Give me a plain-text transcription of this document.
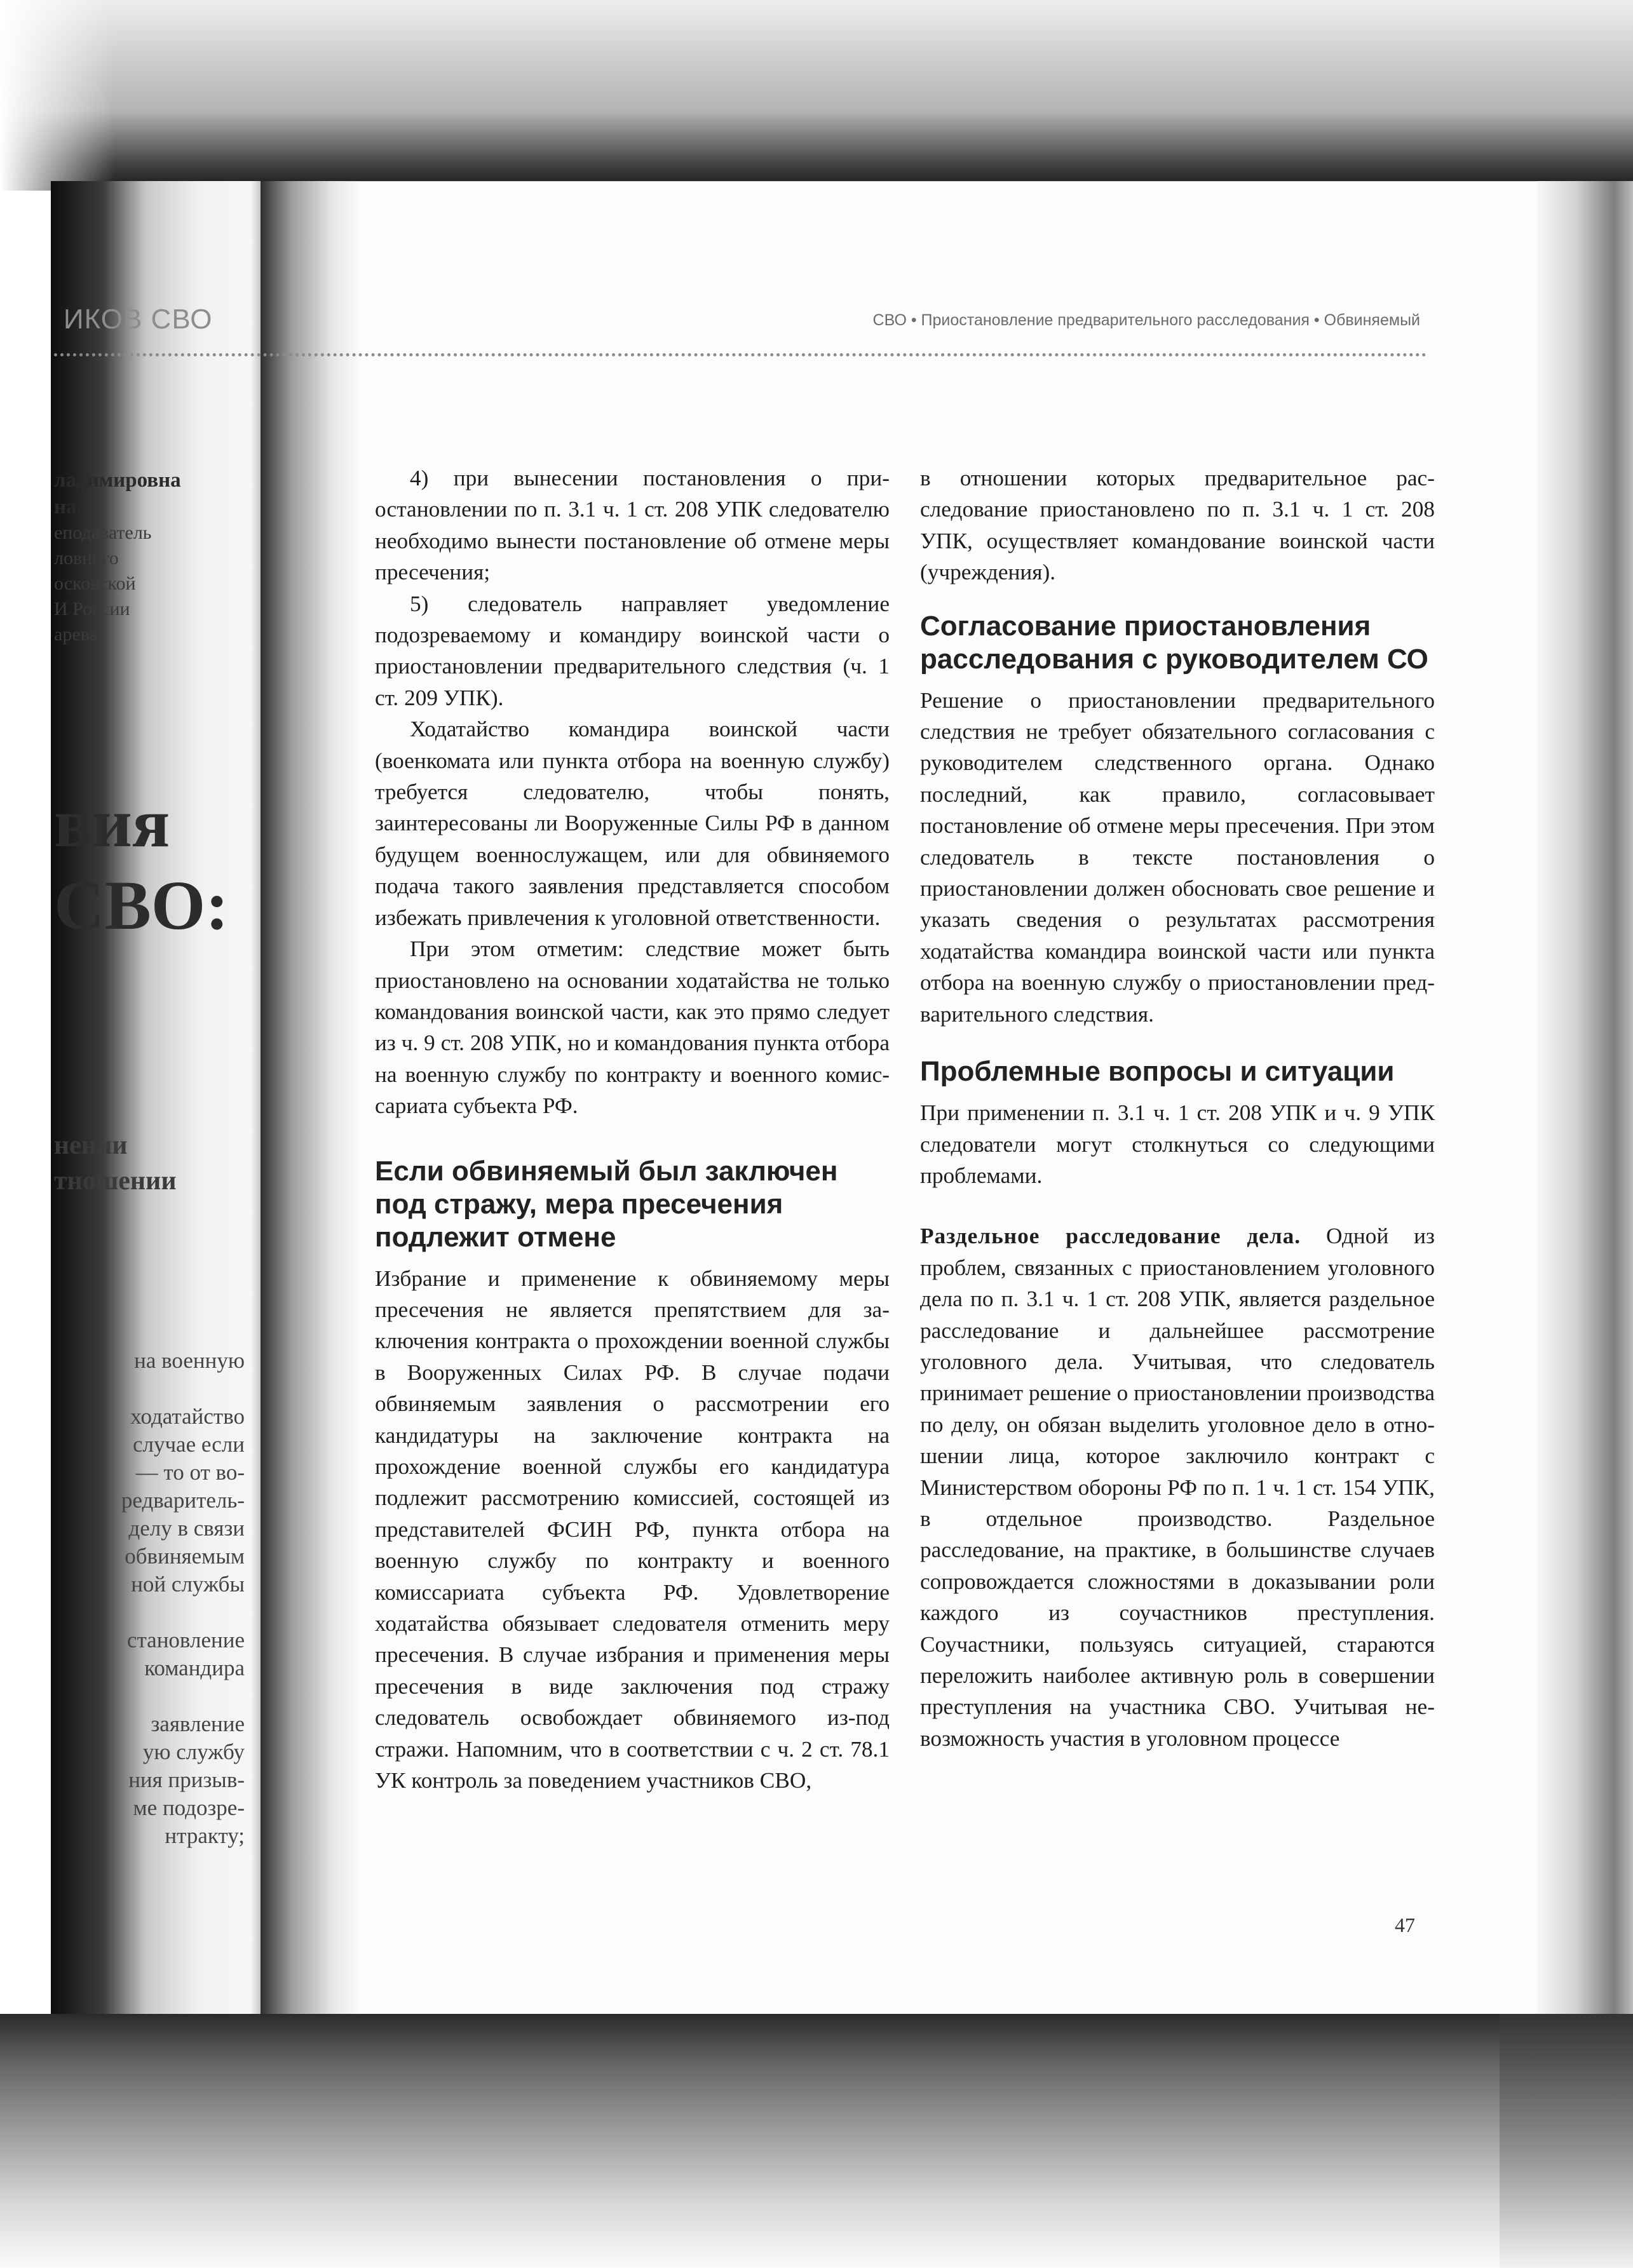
ИКОВ СВО	СВО • Приостановление предварительного расследования • Обвиняемый
ладимировна
на,
еподаватель
ловного
осковской
И России
арева
вия
СВО:
нении
тношении
на военную

ходатайство
случае если
— то от во-
редваритель-
делу в связи
обвиняемым
ной службы

становление
командира

заявление
ую службу
ния призыв-
ме подозре-
нтракту;

4) при вынесении постановления о приостановлении по п. 3.1 ч. 1 ст. 208 УПК следователю необходимо вынести постановление об отмене меры пресечения;

5) следователь направляет уведомление подозреваемому и командиру воинской части о приостановлении предварительного следствия (ч. 1 ст. 209 УПК).

Ходатайство командира воинской части (военкомата или пункта отбора на военную службу) требуется следователю, чтобы понять, заинтересованы ли Вооруженные Силы РФ в данном будущем военнослужащем, или для обвиняемого подача такого заявления представляется способом избежать привлечения к уголовной ответственности.

При этом отметим: следствие может быть приостановлено на основании ходатайства не только командования воинской части, как это прямо следует из ч. 9 ст. 208 УПК, но и командования пункта отбора на военную службу по контракту и военного комиссариата субъекта РФ.

Если обвиняемый был заключен под стражу, мера пресечения подлежит отмене

Избрание и применение к обвиняемому меры пресечения не является препятствием для заключения контракта о прохождении военной службы в Вооруженных Силах РФ. В случае подачи обвиняемым заявления о рассмотрении его кандидатуры на заключение контракта на прохождение военной службы его кандидатура подлежит рассмотрению комиссией, состоящей из представителей ФСИН РФ, пункта отбора на военную службу по контракту и военного комиссариата субъекта РФ. Удовлетворение ходатайства обязывает следователя отменить меру пресечения. В случае избрания и применения меры пресечения в виде заключения под стражу следователь освобождает обвиняемого из-под стражи. Напомним, что в соответствии с ч. 2 ст. 78.1 УК контроль за поведением участников СВО,

в отношении которых предварительное расследование приостановлено по п. 3.1 ч. 1 ст. 208 УПК, осуществляет командование воинской части (учреждения).

Согласование приостановления расследования с руководителем СО

Решение о приостановлении предварительного следствия не требует обязательного согласования с руководителем следственного органа. Однако последний, как правило, согласовывает постановление об отмене меры пресечения. При этом следователь в тексте постановления о приостановлении должен обосновать свое решение и указать сведения о результатах рассмотрения ходатайства командира воинской части или пункта отбора на военную службу о приостановлении предварительного следствия.

Проблемные вопросы и ситуации

При применении п. 3.1 ч. 1 ст. 208 УПК и ч. 9 УПК следователи могут столкнуться со следующими проблемами.

Раздельное расследование дела. Одной из проблем, связанных с приостановлением уголовного дела по п. 3.1 ч. 1 ст. 208 УПК, является раздельное расследование и дальнейшее рассмотрение уголовного дела. Учитывая, что следователь принимает решение о приостановлении производства по делу, он обязан выделить уголовное дело в отношении лица, которое заключило контракт с Министерством обороны РФ по п. 1 ч. 1 ст. 154 УПК, в отдельное производство. Раздельное расследование, на практике, в большинстве случаев сопровождается сложностями в доказывании роли каждого из соучастников преступления. Соучастники, пользуясь ситуацией, стараются переложить наиболее активную роль в совершении преступления на участника СВО. Учитывая невозможность участия в уголовном процессе

47
